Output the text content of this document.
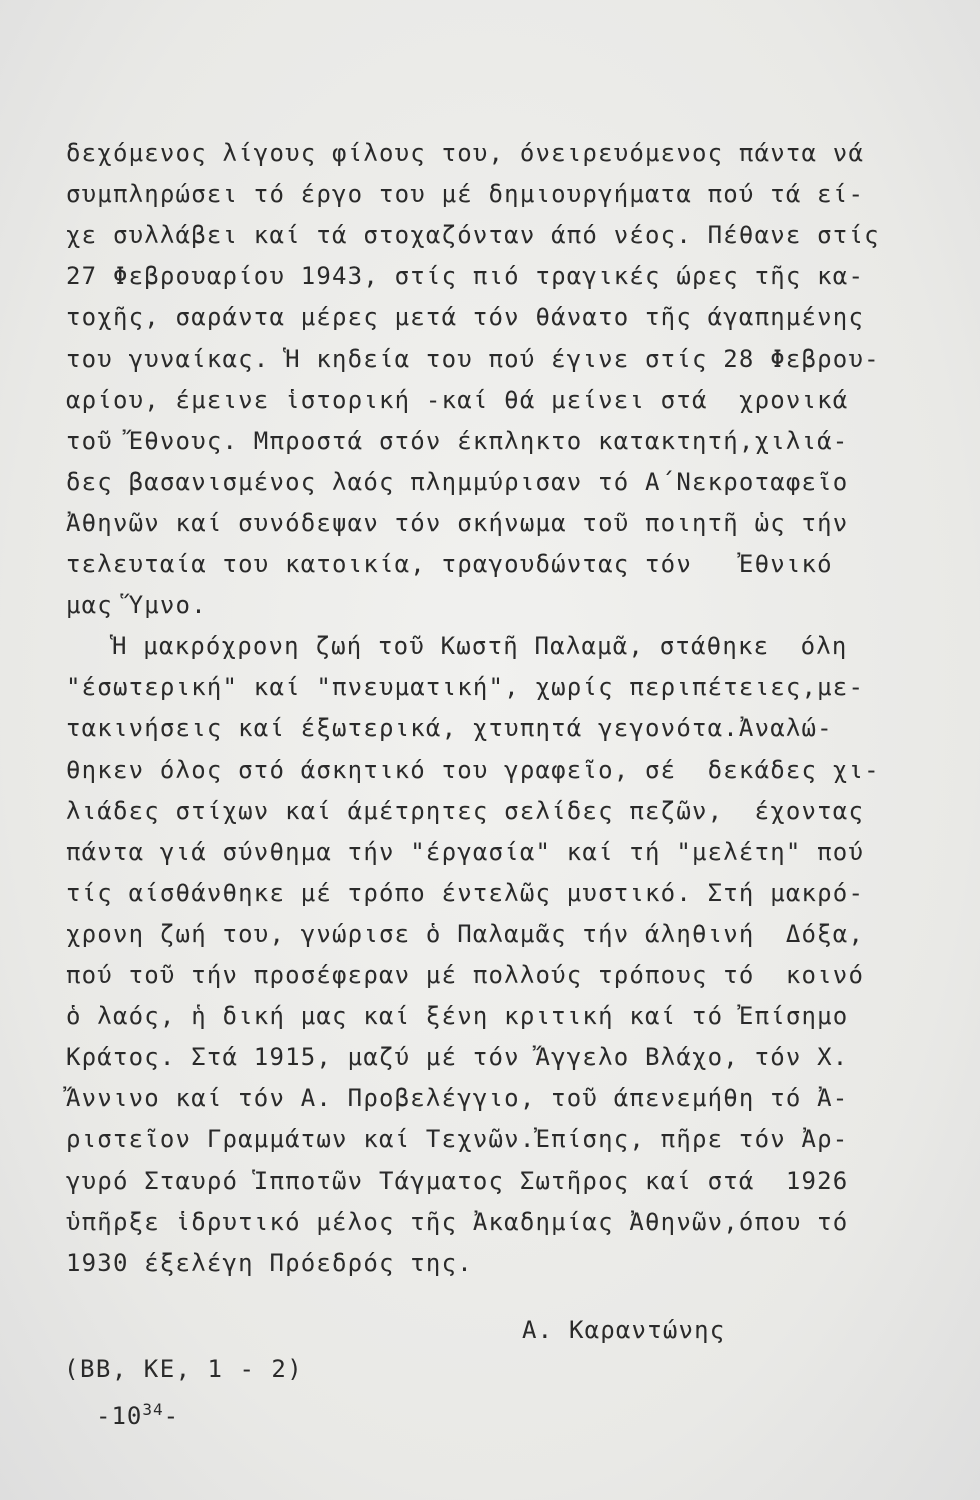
δεχόμενος λίγους φίλους του, όνειρευόμενος πάντα νά
συμπληρώσει τό έργο του μέ δημιουργήματα πού τά εί-
χε συλλάβει καί τά στοχαζόνταν άπό νέος. Πέθανε στίς
27 Φεβρουαρίου 1943, στίς πιό τραγικές ώρες τῆς κα-
τοχῆς, σαράντα μέρες μετά τόν θάνατο τῆς άγαπημένης
του γυναίκας. Ἡ κηδεία του πού έγινε στίς 28 Φεβρου-
αρίου, έμεινε ἱστορική -καί θά μείνει στά  χρονικά
τοῦ Ἔθνους. Μπροστά στόν έκπληκτο κατακτητή,χιλιά-
δες βασανισμένος λαός πλημμύρισαν τό Α΄Νεκροταφεῖο
Ἀθηνῶν καί συνόδεψαν τόν σκήνωμα τοῦ ποιητῆ ὡς τήν
τελευταία του κατοικία, τραγουδώντας τόν   Ἐθνικό
μας Ὕμνο.
Ἡ μακρόχρονη ζωή τοῦ Κωστῆ Παλαμᾶ, στάθηκε  όλη
"έσωτερική" καί "πνευματική", χωρίς περιπέτειες,με-
τακινήσεις καί έξωτερικά, χτυπητά γεγονότα.Ἀναλώ-
θηκεν όλος στό άσκητικό του γραφεῖο, σέ  δεκάδες χι-
λιάδες στίχων καί άμέτρητες σελίδες πεζῶν,  έχοντας
πάντα γιά σύνθημα τήν "έργασία" καί τή "μελέτη" πού
τίς αίσθάνθηκε μέ τρόπο έντελῶς μυστικό. Στή μακρό-
χρονη ζωή του, γνώρισε ὁ Παλαμᾶς τήν άληθινή  Δόξα,
πού τοῦ τήν προσέφεραν μέ πολλούς τρόπους τό  κοινό
ὁ λαός, ἡ δική μας καί ξένη κριτική καί τό Ἐπίσημο
Κράτος. Στά 1915, μαζύ μέ τόν Ἄγγελο Βλάχο, τόν Χ.
Ἄννινο καί τόν Α. Προβελέγγιο, τοῦ άπενεμήθη τό Ἀ-
ριστεῖον Γραμμάτων καί Τεχνῶν.Ἐπίσης, πῆρε τόν Ἀρ-
γυρό Σταυρό Ἱπποτῶν Τάγματος Σωτῆρος καί στά  1926
ὑπῆρξε ἱδρυτικό μέλος τῆς Ἀκαδημίας Ἀθηνῶν,όπου τό
1930 έξελέγη Πρόεδρός της.
Α. Καραντώνης
(ΒΒ, ΚΕ, 1 - 2)
$-10^{34}-$
